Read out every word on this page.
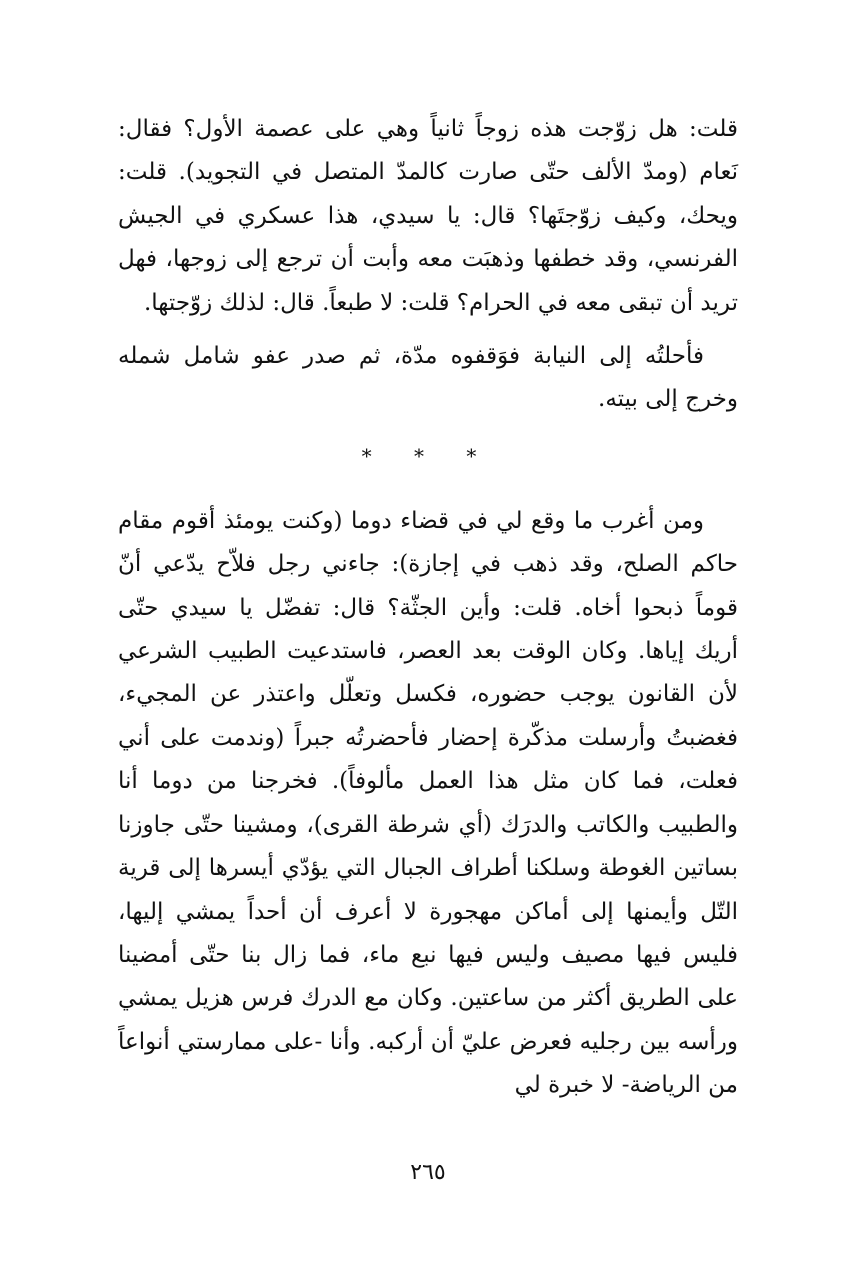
قلت: هل زوّجت هذه زوجاً ثانياً وهي على عصمة الأول؟ فقال: نَعام (ومدّ الألف حتّى صارت كالمدّ المتصل في التجويد). قلت: ويحك، وكيف زوّجتَها؟ قال: يا سيدي، هذا عسكري في الجيش الفرنسي، وقد خطفها وذهبَت معه وأبت أن ترجع إلى زوجها، فهل تريد أن تبقى معه في الحرام؟ قلت: لا طبعاً. قال: لذلك زوّجتها.

فأحلتُه إلى النيابة فوَقفوه مدّة، ثم صدر عفو شامل شمله وخرج إلى بيته.

* * *

ومن أغرب ما وقع لي في قضاء دوما (وكنت يومئذ أقوم مقام حاكم الصلح، وقد ذهب في إجازة): جاءني رجل فلاّح يدّعي أنّ قوماً ذبحوا أخاه. قلت: وأين الجثّة؟ قال: تفضّل يا سيدي حتّى أريك إياها. وكان الوقت بعد العصر، فاستدعيت الطبيب الشرعي لأن القانون يوجب حضوره، فكسل وتعلّل واعتذر عن المجيء، فغضبتُ وأرسلت مذكّرة إحضار فأحضرتُه جبراً (وندمت على أني فعلت، فما كان مثل هذا العمل مألوفاً). فخرجنا من دوما أنا والطبيب والكاتب والدرَك (أي شرطة القرى)، ومشينا حتّى جاوزنا بساتين الغوطة وسلكنا أطراف الجبال التي يؤدّي أيسرها إلى قرية التّل وأيمنها إلى أماكن مهجورة لا أعرف أن أحداً يمشي إليها، فليس فيها مصيف وليس فيها نبع ماء، فما زال بنا حتّى أمضينا على الطريق أكثر من ساعتين. وكان مع الدرك فرس هزيل يمشي ورأسه بين رجليه فعرض عليّ أن أركبه. وأنا -على ممارستي أنواعاً من الرياضة- لا خبرة لي

٢٦٥
